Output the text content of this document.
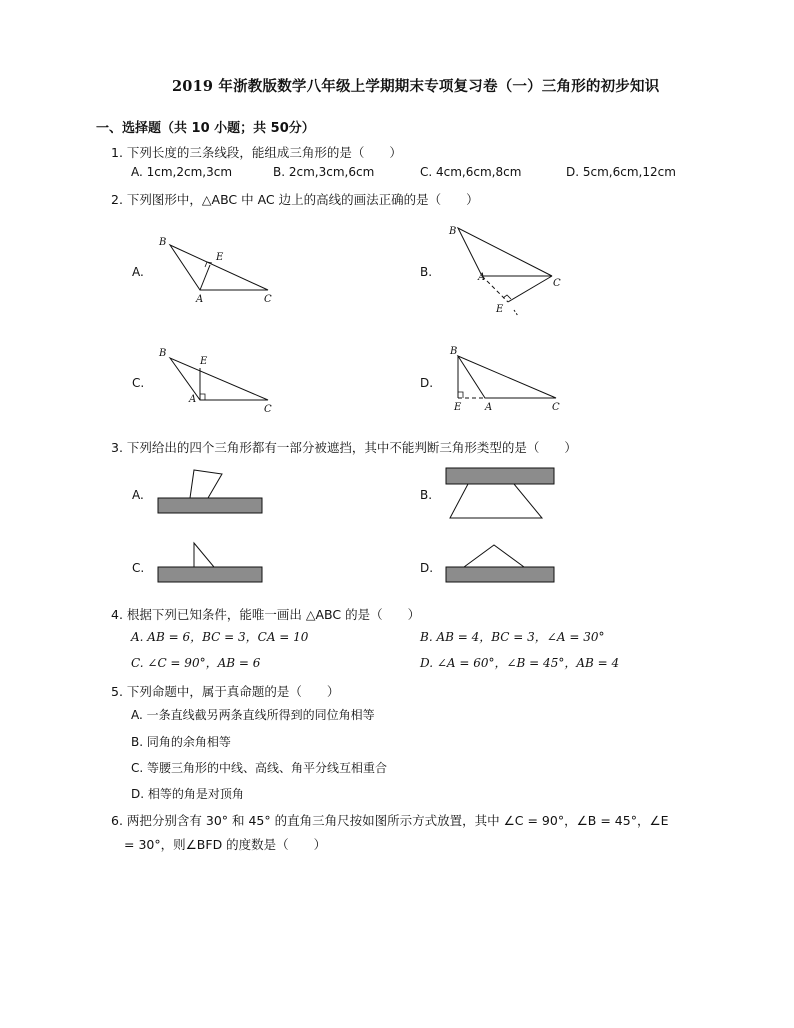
2019 年浙教版数学八年级上学期期末专项复习卷（一）三角形的初步知识
一、选择题（共 10 小题；共 50分）
1. 下列长度的三条线段，能组成三角形的是（　　）
A. 1cm,2cm,3cm	B. 2cm,3cm,6cm	C. 4cm,6cm,8cm	D. 5cm,6cm,12cm
2. 下列图形中，△ABC 中 AC 边上的高线的画法正确的是（　　）
A.
B
E
A	C
B.
B
A
C
E
C.
B
E
A
C
D.
B
E A	C
3. 下列给出的四个三角形都有一部分被遮挡，其中不能判断三角形类型的是（　　）
A.	B.
C.	D.
4. 根据下列已知条件，能唯一画出 △ABC 的是（　　）
A. AB = 6，BC = 3，CA = 10	B. AB = 4，BC = 3，∠A = 30°
C. ∠C = 90°，AB = 6	D. ∠A = 60°，∠B = 45°，AB = 4
5. 下列命题中，属于真命题的是（　　）
A. 一条直线截另两条直线所得到的同位角相等
B. 同角的余角相等
C. 等腰三角形的中线、高线、角平分线互相重合
D. 相等的角是对顶角
6. 两把分别含有 30° 和 45° 的直角三角尺按如图所示方式放置，其中 ∠C = 90°，∠B = 45°，∠E
= 30°，则∠BFD 的度数是（　　）
